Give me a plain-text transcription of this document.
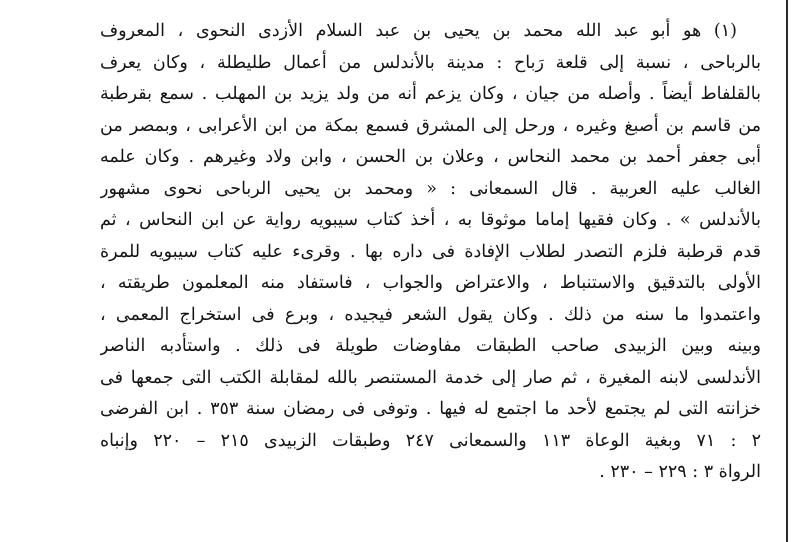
(١) هو أبو عبد الله محمد بن يحيى بن عبد السلام الأزدى النحوى ، المعروف
بالرباحى ، نسبة إلى قلعة رَباح : مدينة بالأندلس من أعمال طليطلة ، وكان يعرف
بالقلفاط أيضاً . وأصله من جيان ، وكان يزعم أنه من ولد يزيد بن المهلب . سمع بقرطبة
من قاسم بن أصبغ وغيره ، ورحل إلى المشرق فسمع بمكة من ابن الأعرابى ، وبمصر من
أبى جعفر أحمد بن محمد النحاس ، وعلان بن الحسن ، وابن ولاد وغيرهم . وكان علمه
الغالب عليه العربية . قال السمعانى : « ومحمد بن يحيى الرباحى نحوى مشهور
بالأندلس » . وكان فقيها إماما موثوقا به ، أخذ كتاب سيبويه رواية عن ابن النحاس ، ثم
قدم قرطبة فلزم التصدر لطلاب الإفادة فى داره بها . وقرىء عليه كتاب سيبويه للمرة
الأولى بالتدقيق والاستنباط ، والاعتراض والجواب ، فاستفاد منه المعلمون طريقته ،
واعتمدوا ما سنه من ذلك . وكان يقول الشعر فيجيده ، وبرع فى استخراج المعمى ،
وبينه وبين الزبيدى صاحب الطبقات مفاوضات طويلة فى ذلك . واستأدبه الناصر
الأندلسى لابنه المغيرة ، ثم صار إلى خدمة المستنصر بالله لمقابلة الكتب التى جمعها فى
خزانته التى لم يجتمع لأحد ما اجتمع له فيها . وتوفى فى رمضان سنة ٣٥٣ . ابن الفرضى
٢ : ٧١ وبغية الوعاة ١١٣ والسمعانى ٢٤٧ وطبقات الزبيدى ٢١٥ – ٢٢٠ وإنباه
الرواة ٣ : ٢٢٩ – ٢٣٠ .
